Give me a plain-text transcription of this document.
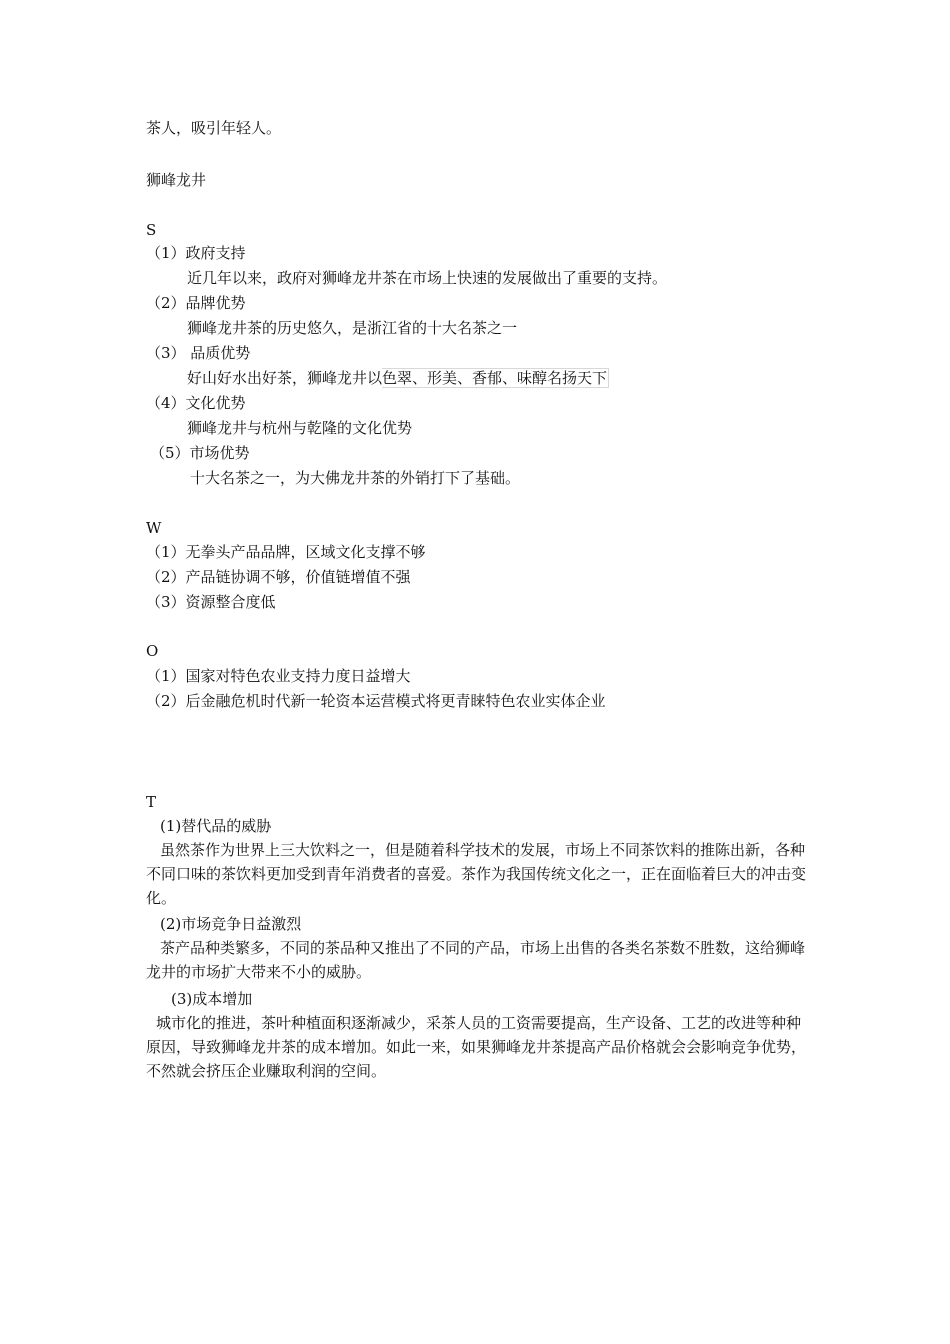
茶人，吸引年轻人。
狮峰龙井
S
（1）政府支持
近几年以来，政府对狮峰龙井茶在市场上快速的发展做出了重要的支持。
（2）品牌优势
狮峰龙井茶的历史悠久，是浙江省的十大名茶之一
（3） 品质优势
好山好水出好茶，狮峰龙井以色翠、形美、香郁、味醇名扬天下
（4）文化优势
狮峰龙井与杭州与乾隆的文化优势
（5）市场优势
十大名茶之一，为大佛龙井茶的外销打下了基础。
W
（1）无拳头产品品牌，区域文化支撑不够
（2）产品链协调不够，价值链增值不强
（3）资源整合度低
O
（1）国家对特色农业支持力度日益增大
（2）后金融危机时代新一轮资本运营模式将更青睐特色农业实体企业
T
(1)替代品的威胁
虽然茶作为世界上三大饮料之一，但是随着科学技术的发展，市场上不同茶饮料的推陈出新，各种不同口味的茶饮料更加受到青年消费者的喜爱。茶作为我国传统文化之一，正在面临着巨大的冲击变化。
(2)市场竞争日益激烈
茶产品种类繁多，不同的茶品种又推出了不同的产品，市场上出售的各类名茶数不胜数，这给狮峰龙井的市场扩大带来不小的威胁。
(3)成本增加
城市化的推进，茶叶种植面积逐渐减少，采茶人员的工资需要提高，生产设备、工艺的改进等种种原因，导致狮峰龙井茶的成本增加。如此一来，如果狮峰龙井茶提高产品价格就会会影响竞争优势，不然就会挤压企业赚取利润的空间。
